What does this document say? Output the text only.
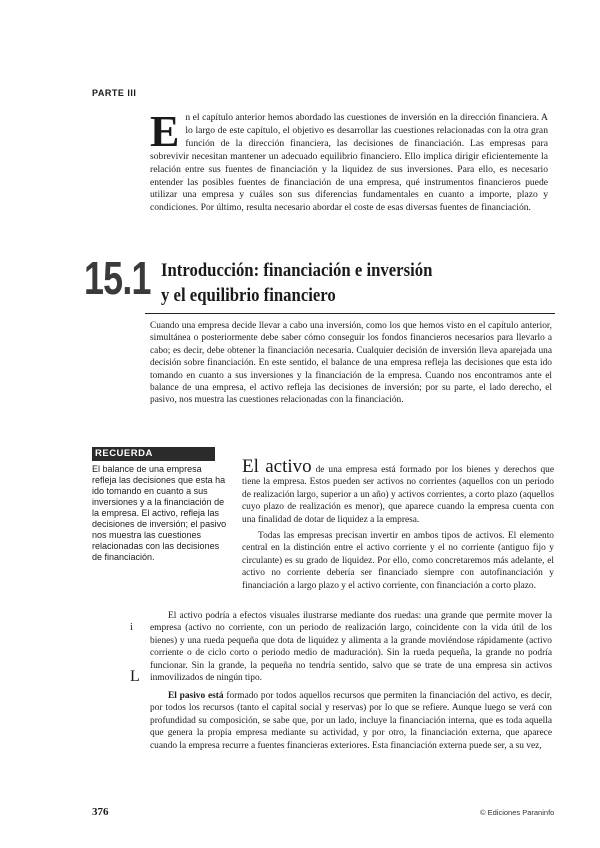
PARTE III
E n el capítulo anterior hemos abordado las cuestiones de inversión en la dirección financiera. A lo largo de este capítulo, el objetivo es desarrollar las cuestiones relacionadas con la otra gran función de la dirección financiera, las decisiones de financiación. Las empresas para sobrevivir necesitan mantener un adecuado equilibrio financiero. Ello implica dirigir eficientemente la relación entre sus fuentes de financiación y la liquidez de sus inversiones. Para ello, es necesario entender las posibles fuentes de financiación de una empresa, qué instrumentos financieros puede utilizar una empresa y cuáles son sus diferencias fundamentales en cuanto a importe, plazo y condiciones. Por último, resulta necesario abordar el coste de esas diversas fuentes de financiación.
15.1 Introducción: financiación e inversión
y el equilibrio financiero
Cuando una empresa decide llevar a cabo una inversión, como los que hemos visto en el capítulo anterior, simultánea o posteriormente debe saber cómo conseguir los fondos financieros necesarios para llevarlo a cabo; es decir, debe obtener la financiación necesaria. Cualquier decisión de inversión lleva aparejada una decisión sobre financiación. En este sentido, el balance de una empresa refleja las decisiones que esta ido tomando en cuanto a sus inversiones y la financiación de la empresa. Cuando nos encontramos ante el balance de una empresa, el activo refleja las decisiones de inversión; por su parte, el lado derecho, el pasivo, nos muestra las cuestiones relacionadas con la financiación.
RECUERDA
El balance de una empresa refleja las decisiones que esta ha ido tomando en cuanto a sus inversiones y a la financiación de la empresa. El activo, refleja las decisiones de inversión; el pasivo nos muestra las cuestiones relacionadas con las decisiones de financiación.
El activo de una empresa está formado por los bienes y derechos que tiene la empresa. Estos pueden ser activos no corrientes (aquellos con un periodo de realización largo, superior a un año) y activos corrientes, a corto plazo (aquellos cuyo plazo de realización es menor), que aparece cuando la empresa cuenta con una finalidad de dotar de liquidez a la empresa.
Todas las empresas precisan invertir en ambos tipos de activos. El elemento central en la distinción entre el activo corriente y el no corriente (antiguo fijo y circulante) es su grado de liquidez. Por ello, como concretaremos más adelante, el activo no corriente debería ser financiado siempre con autofinanciación y financiación a largo plazo y el activo corriente, con financiación a corto plazo.
i
El activo podría a efectos visuales ilustrarse mediante dos ruedas: una grande que permite mover la empresa (activo no corriente, con un periodo de realización largo, coincidente con la vida útil de los bienes) y una rueda pequeña que dota de liquidez y alimenta a la grande moviéndose rápidamente (activo corriente o de ciclo corto o periodo medio de maduración). Sin la rueda pequeña, la grande no podría funcionar. Sin la grande, la pequeña no tendría sentido, salvo que se trate de una empresa sin activos inmovilizados de ningún tipo.
L
El pasivo está formado por todos aquellos recursos que permiten la financiación del activo, es decir, por todos los recursos (tanto el capital social y reservas) por lo que se refiere. Aunque luego se verá con profundidad su composición, se sabe que, por un lado, incluye la financiación interna, que es toda aquella que genera la propia empresa mediante su actividad, y por otro, la financiación externa, que aparece cuando la empresa recurre a fuentes financieras exteriores. Esta financiación externa puede ser, a su vez,
376	© Ediciones Paraninfo
